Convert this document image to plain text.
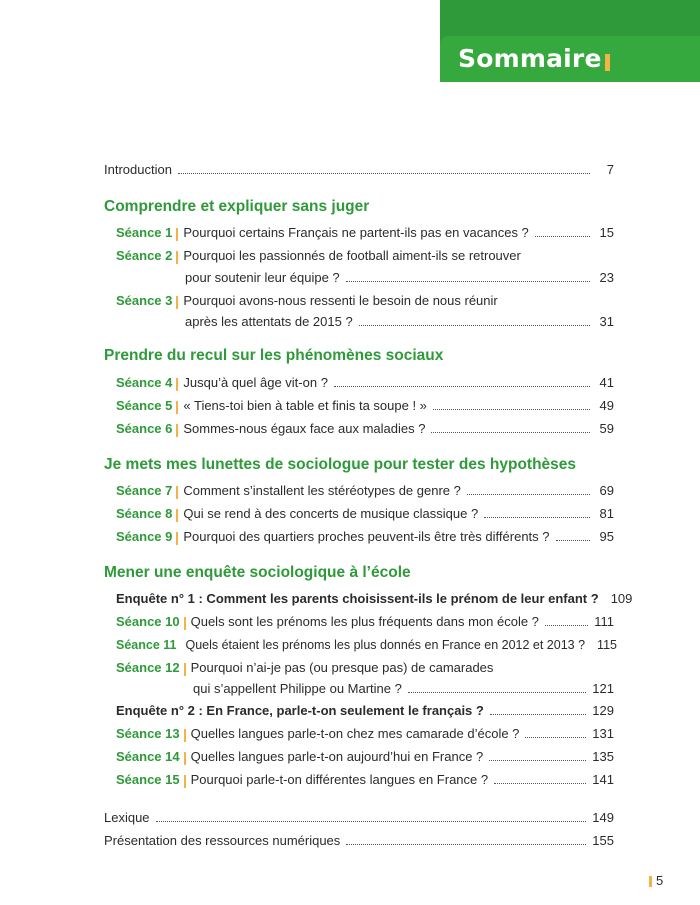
Sommaire
Introduction	7
Comprendre et expliquer sans juger
Séance 1 Pourquoi certains Français ne partent-ils pas en vacances ?	15
Séance 2 Pourquoi les passionnés de football aiment-ils se retrouver
pour soutenir leur équipe ?	23
Séance 3 Pourquoi avons-nous ressenti le besoin de nous réunir
après les attentats de 2015 ?	31
Prendre du recul sur les phénomènes sociaux
Séance 4 Jusqu’à quel âge vit-on ?	41
Séance 5 « Tiens-toi bien à table et finis ta soupe ! »	49
Séance 6 Sommes-nous égaux face aux maladies ?	59
Je mets mes lunettes de sociologue pour tester des hypothèses
Séance 7 Comment s’installent les stéréotypes de genre ?	69
Séance 8 Qui se rend à des concerts de musique classique ?	81
Séance 9 Pourquoi des quartiers proches peuvent-ils être très différents ?	95
Mener une enquête sociologique à l’école
Enquête n° 1 : Comment les parents choisissent-ils le prénom de leur enfant ? 109
Séance 10 Quels sont les prénoms les plus fréquents dans mon école ?	111
Séance 11 Quels étaient les prénoms les plus donnés en France en 2012 et 2013 ? 115
Séance 12 Pourquoi n’ai-je pas (ou presque pas) de camarades
qui s’appellent Philippe ou Martine ?	121
Enquête n° 2 : En France, parle-t-on seulement le français ?	129
Séance 13 Quelles langues parle-t-on chez mes camarade d’école ?	131
Séance 14 Quelles langues parle-t-on aujourd’hui en France ?	135
Séance 15 Pourquoi parle-t-on différentes langues en France ?	141
Lexique	149
Présentation des ressources numériques	155
5
